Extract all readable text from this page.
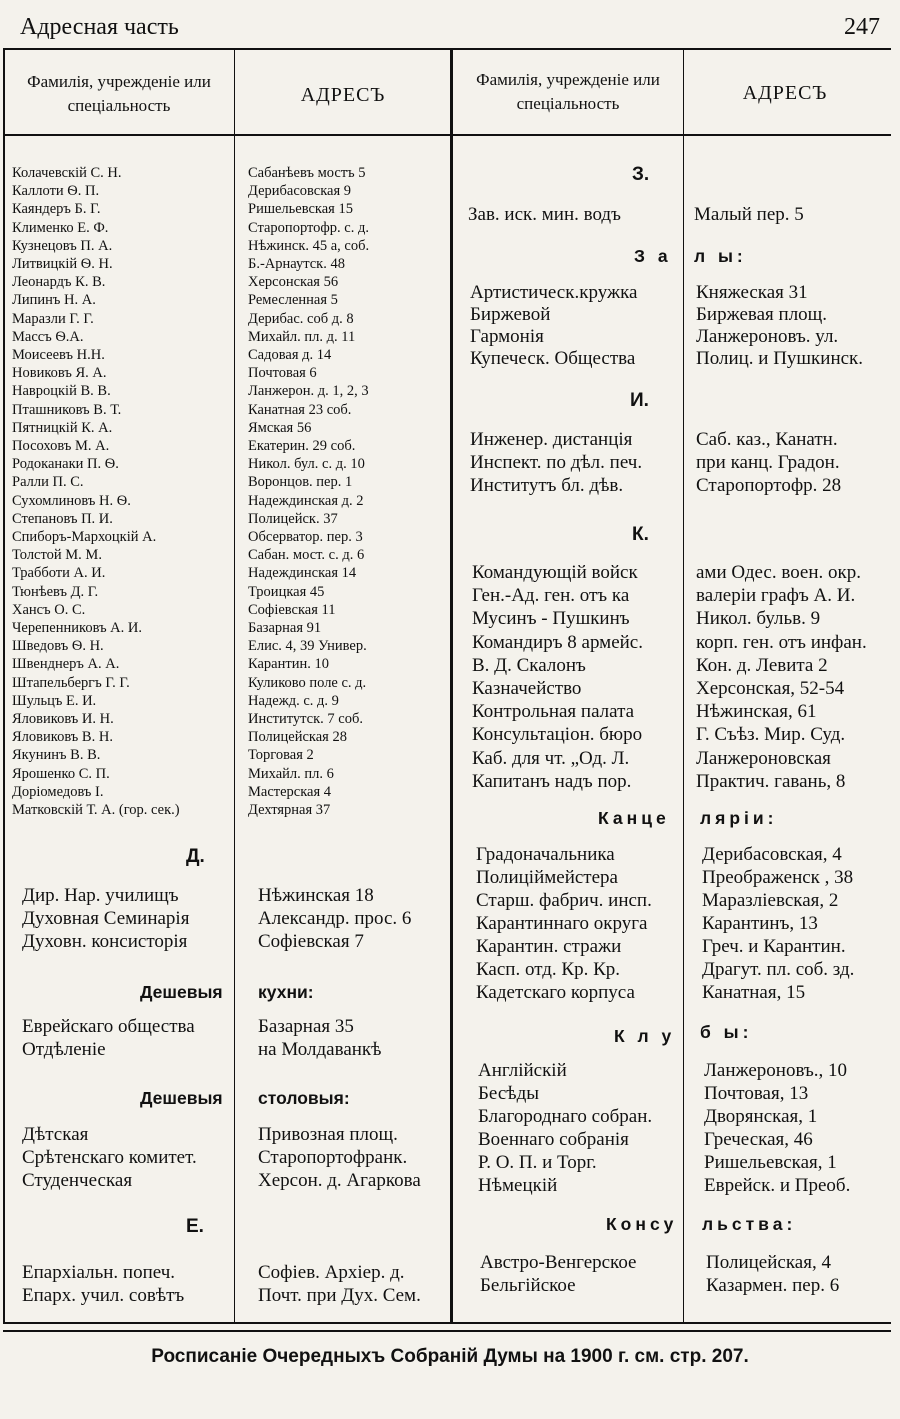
Адресная часть	247
Фамилія, учрежденіе или спеціальность	АДРЕСЪ
Фамилія, учрежденіе или спеціальность	АДРЕСЪ
Колачевскій С. Н.	Сабанѣевъ мостъ 5
Каллоти Ѳ. П.	Дерибасовская 9
Каяндеръ Б. Г.	Ришельевская 15
Клименко Е. Ф.	Старопортофр. с. д.
Кузнецовъ П. А.	Нѣжинск. 45 а, соб.
Литвицкій Ѳ. Н.	Б.-Арнаутск. 48
Леонардъ К. В.	Херсонская 56
Липинъ Н. А.	Ремесленная 5
Маразли Г. Г.	Дерибас. соб д. 8
Массъ Ѳ.А.	Михайл. пл. д. 11
Моисеевъ Н.Н.	Садовая д. 14
Новиковъ Я. А.	Почтовая 6
Навроцкій В. В.	Ланжерон. д. 1, 2, 3
Пташниковъ В. Т.	Канатная 23 соб.
Пятницкій К. А.	Ямская 56
Посоховъ М. А.	Екатерин. 29 соб.
Родоканаки П. Ѳ.	Никол. бул. с. д. 10
Ралли П. С.	Воронцов. пер. 1
Сухомлиновъ Н. Ѳ.	Надеждинская д. 2
Степановъ П. И.	Полицейск. 37
Спиборъ-Мархоцкій А.	Обсерватор. пер. 3
Толстой М. М.	Сабан. мост. с. д. 6
Трабботи А. И.	Надеждинская 14
Тюнѣевъ Д. Г.	Троицкая 45
Хансъ О. С.	Софіевская 11
Черепенниковъ А. И.	Базарная 91
Шведовъ Ѳ. Н.	Елис. 4, 39 Универ.
Швенднеръ А. А.	Карантин. 10
Штапельбергъ Г. Г.	Куликово поле с. д.
Шульцъ Е. И.	Надежд. с. д. 9
Яловиковъ И. Н.	Институтск. 7 соб.
Яловиковъ В. Н.	Полицейская 28
Якунинъ В. В.	Торговая 2
Ярошенко С. П.	Михайл. пл. 6
Доріомедовъ І.	Мастерская 4
Матковскій Т. А. (гор. сек.)	Дехтярная 37
Д.
Дир. Нар. училищъ	Нѣжинская 18
Духовная Семинарія	Александр. прос. 6
Духовн. консисторія	Софіевская 7
Дешевыя кухни:
Еврейскаго общества	Базарная 35
Отдѣленіе	на Молдаванкѣ
Дешевыя столовыя:
Дѣтская	Привозная площ.
Срѣтенскаго комитет.	Старопортофранк.
Студенческая	Херсон. д. Агаркова
Е.
Епархіальн. попеч.	Софіев. Архіер. д.
Епарх. учил. совѣтъ	Почт. при Дух. Сем.
З.
Зав. иск. мин. водъ	Малый пер. 5
З а л ы:
Артистическ.кружка	Княжеская 31
Биржевой	Биржевая площ.
Гармонія	Ланжероновъ. ул.
Купеческ. Общества	Полиц. и Пушкинск.
И.
Инженер. дистанція	Саб. каз., Канатн.
Инспект. по дѣл. печ.	при канц. Градон.
Институтъ бл. дѣв.	Старопортофр. 28
К.
Командующій войск	ами Одес. воен. окр.
Ген.-Ад. ген. отъ ка	валеріи графъ А. И.
Мусинъ - Пушкинъ	Никол. бульв. 9
Командиръ 8 армейс.	корп. ген. отъ инфан.
В. Д. Скалонъ	Кон. д. Левита 2
Казначейство	Херсонская, 52-54
Контрольная палата	Нѣжинская, 61
Консультаціон. бюро	Г. Съѣз. Мир. Суд.
Каб. для чт. „Од. Л.	Ланжероновская
Капитанъ надъ пор.	Практич. гавань, 8
Канце ляріи:
Градоначальника	Дерибасовская, 4
Полиціймейстера	Преображенск , 38
Старш. фабрич. инсп.	Маразліевская, 2
Карантиннаго округа	Карантинъ, 13
Карантин. стражи	Греч. и Карантин.
Касп. отд. Кр. Кр.	Драгут. пл. соб. зд.
Кадетскаго корпуса	Канатная, 15
К л у б ы:
Англійскій	Ланжероновъ., 10
Бесѣды	Почтовая, 13
Благороднаго собран.	Дворянская, 1
Военнаго собранія	Греческая, 46
Р. О. П. и Торг.	Ришельевская, 1
Нѣмецкій	Еврейск. и Преоб.
Консу льства:
Австро-Венгерское	Полицейская, 4
Бельгійское	Казармен. пер. 6
Росписаніе Очередныхъ Собраній Думы на 1900 г. см. стр. 207.
